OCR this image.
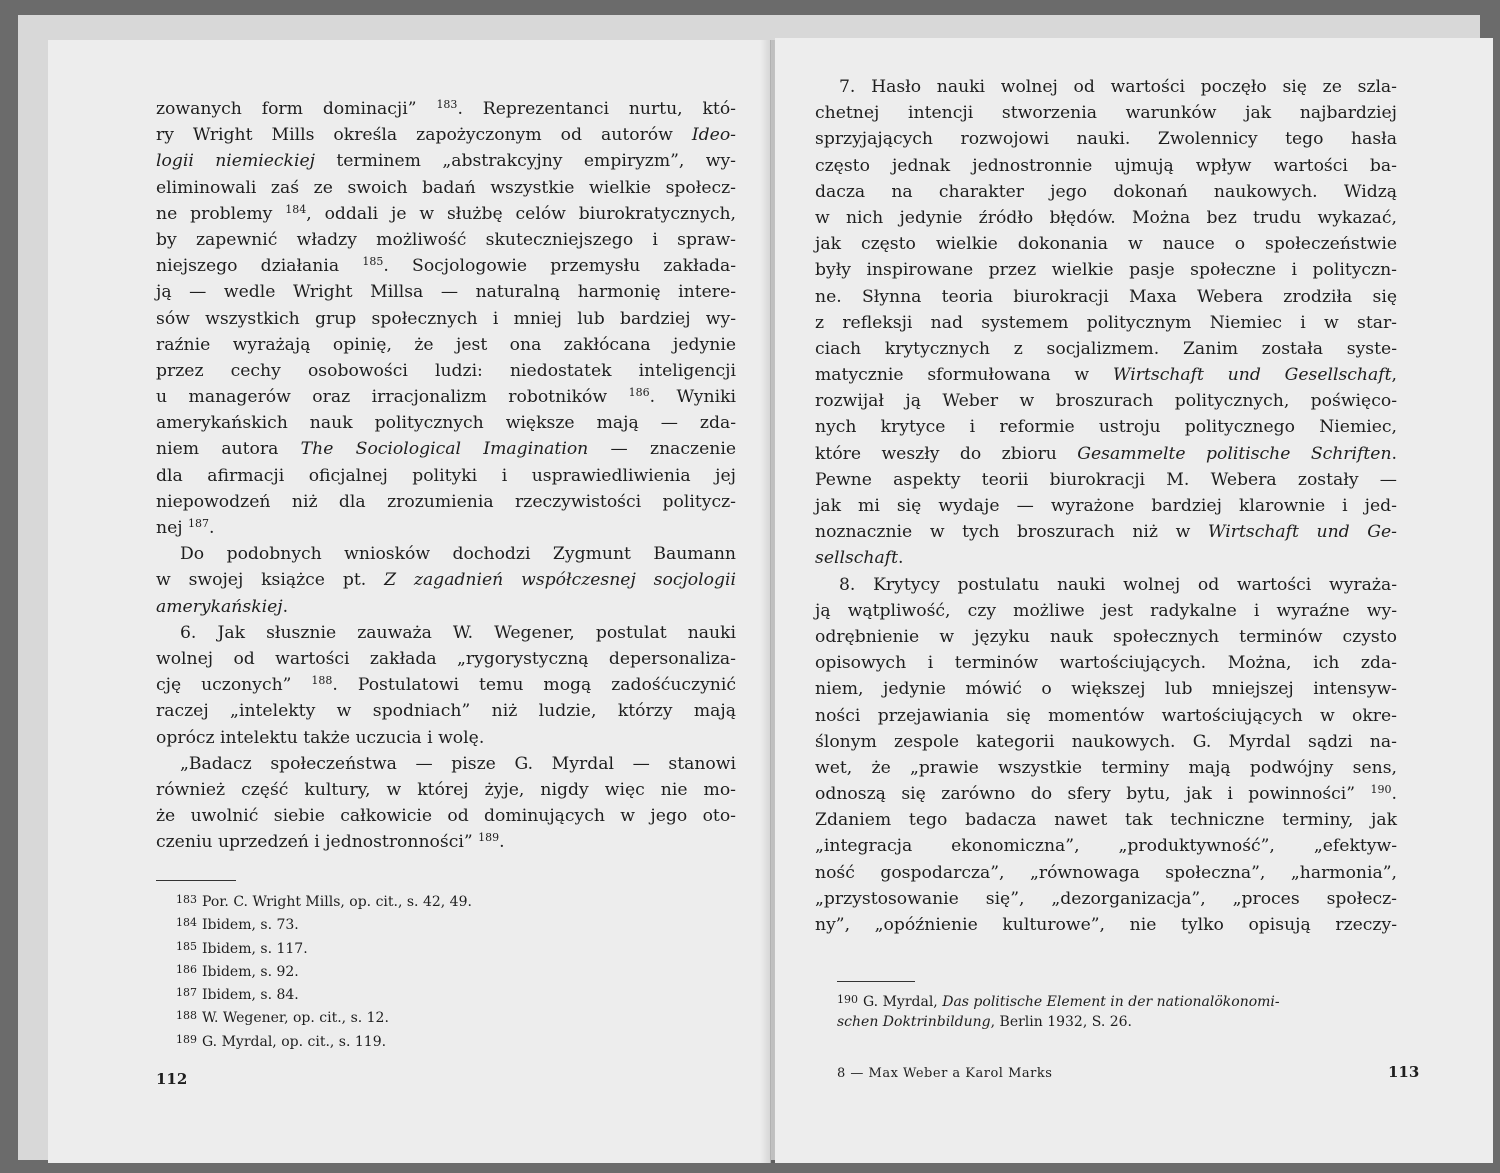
zowanych form dominacji” $^{183}$. Reprezentanci nurtu, któ-
ry Wright Mills określa zapożyczonym od autorów Ideo-
logii niemieckiej terminem „abstrakcyjny empiryzm”, wy-
eliminowali zaś ze swoich badań wszystkie wielkie społecz-
ne problemy $^{184}$, oddali je w służbę celów biurokratycznych,
by zapewnić władzy możliwość skuteczniejszego i spraw-
niejszego działania $^{185}$. Socjologowie przemysłu zakłada-
ją — wedle Wright Millsa — naturalną harmonię intere-
sów wszystkich grup społecznych i mniej lub bardziej wy-
raźnie wyrażają opinię, że jest ona zakłócana jedynie
przez cechy osobowości ludzi: niedostatek inteligencji
u managerów oraz irracjonalizm robotników $^{186}$. Wyniki
amerykańskich nauk politycznych większe mają — zda-
niem autora The Sociological Imagination — znaczenie
dla afirmacji oficjalnej polityki i usprawiedliwienia jej
niepowodzeń niż dla zrozumienia rzeczywistości politycz-
nej $^{187}$.
Do podobnych wniosków dochodzi Zygmunt Baumann
w swojej książce pt. Z zagadnień współczesnej socjologii
amerykańskiej.
6. Jak słusznie zauważa W. Wegener, postulat nauki
wolnej od wartości zakłada „rygorystyczną depersonaliza-
cję uczonych” $^{188}$. Postulatowi temu mogą zadośćuczynić
raczej „intelekty w spodniach” niż ludzie, którzy mają
oprócz intelektu także uczucia i wolę.
„Badacz społeczeństwa — pisze G. Myrdal — stanowi
również część kultury, w której żyje, nigdy więc nie mo-
że uwolnić siebie całkowicie od dominujących w jego oto-
czeniu uprzedzeń i jednostronności” $^{189}$.
183 Por. C. Wright Mills, op. cit., s. 42, 49.
184 Ibidem, s. 73.
185 Ibidem, s. 117.
186 Ibidem, s. 92.
187 Ibidem, s. 84.
188 W. Wegener, op. cit., s. 12.
189 G. Myrdal, op. cit., s. 119.
112
7. Hasło nauki wolnej od wartości poczęło się ze szla-
chetnej intencji stworzenia warunków jak najbardziej
sprzyjających rozwojowi nauki. Zwolennicy tego hasła
często jednak jednostronnie ujmują wpływ wartości ba-
dacza na charakter jego dokonań naukowych. Widzą
w nich jedynie źródło błędów. Można bez trudu wykazać,
jak często wielkie dokonania w nauce o społeczeństwie
były inspirowane przez wielkie pasje społeczne i polityczn-
ne. Słynna teoria biurokracji Maxa Webera zrodziła się
z refleksji nad systemem politycznym Niemiec i w star-
ciach krytycznych z socjalizmem. Zanim została syste-
matycznie sformułowana w Wirtschaft und Gesellschaft,
rozwijał ją Weber w broszurach politycznych, poświęco-
nych krytyce i reformie ustroju politycznego Niemiec,
które weszły do zbioru Gesammelte politische Schriften.
Pewne aspekty teorii biurokracji M. Webera zostały —
jak mi się wydaje — wyrażone bardziej klarownie i jed-
noznacznie w tych broszurach niż w Wirtschaft und Ge-
sellschaft.
8. Krytycy postulatu nauki wolnej od wartości wyraża-
ją wątpliwość, czy możliwe jest radykalne i wyraźne wy-
odrębnienie w języku nauk społecznych terminów czysto
opisowych i terminów wartościujących. Można, ich zda-
niem, jedynie mówić o większej lub mniejszej intensyw-
ności przejawiania się momentów wartościujących w okre-
ślonym zespole kategorii naukowych. G. Myrdal sądzi na-
wet, że „prawie wszystkie terminy mają podwójny sens,
odnoszą się zarówno do sfery bytu, jak i powinności” $^{190}$.
Zdaniem tego badacza nawet tak techniczne terminy, jak
„integracja ekonomiczna”, „produktywność”, „efektyw-
ność gospodarcza”, „równowaga społeczna”, „harmonia”,
„przystosowanie się”, „dezorganizacja”, „proces społecz-
ny”, „opóźnienie kulturowe”, nie tylko opisują rzeczy-
190 G. Myrdal, Das politische Element in der nationalökonomi-
schen Doktrinbildung, Berlin 1932, S. 26.
8 — Max Weber a Karol Marks	113
